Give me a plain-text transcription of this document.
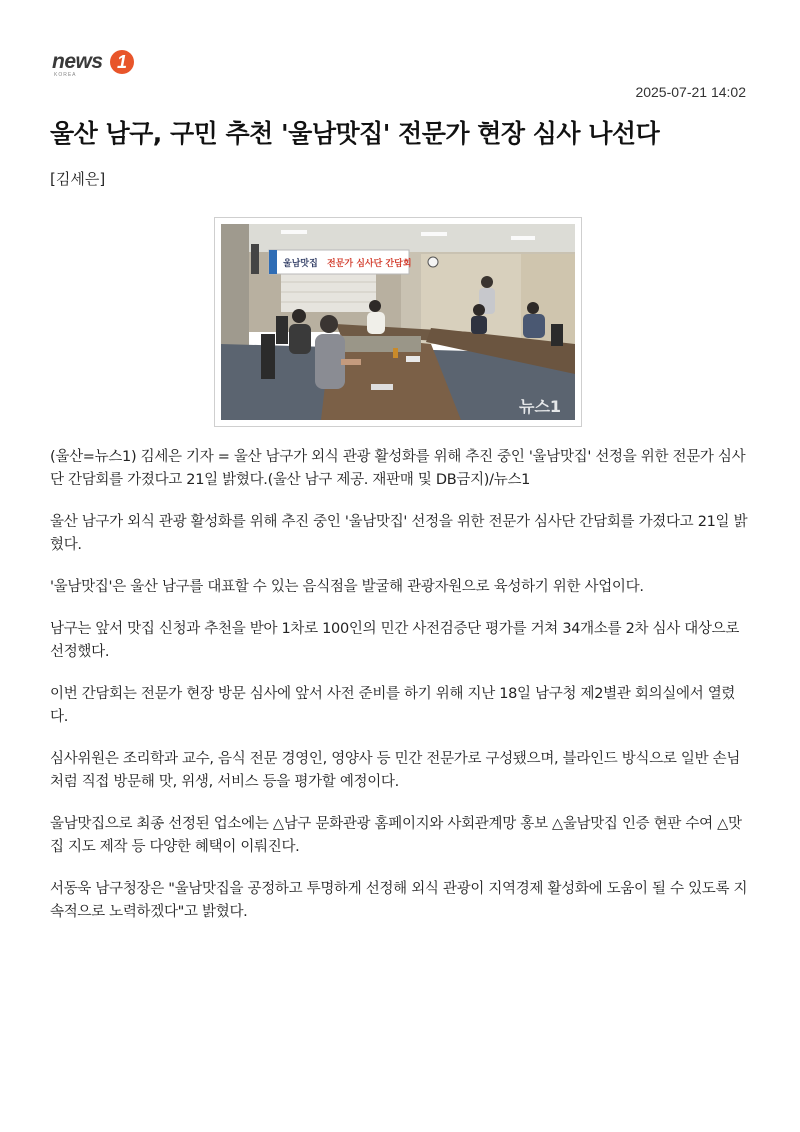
news 1
KOREA
2025-07-21 14:02
울산 남구, 구민 추천 '울남맛집' 전문가 현장 심사 나선다
[김세은]
울남맛집 전문가 심사단 간담회
뉴스1

(울산=뉴스1) 김세은 기자 = 울산 남구가 외식 관광 활성화를 위해 추진 중인 '울남맛집' 선정을 위한 전문가 심사단 간담회를 가졌다고 21일 밝혔다.(울산 남구 제공. 재판매 및 DB금지)/뉴스1

울산 남구가 외식 관광 활성화를 위해 추진 중인 '울남맛집' 선정을 위한 전문가 심사단 간담회를 가졌다고 21일 밝혔다.

'울남맛집'은 울산 남구를 대표할 수 있는 음식점을 발굴해 관광자원으로 육성하기 위한 사업이다.

남구는 앞서 맛집 신청과 추천을 받아 1차로 100인의 민간 사전검증단 평가를 거쳐 34개소를 2차 심사 대상으로 선정했다.

이번 간담회는 전문가 현장 방문 심사에 앞서 사전 준비를 하기 위해 지난 18일 남구청 제2별관 회의실에서 열렸다.

심사위원은 조리학과 교수, 음식 전문 경영인, 영양사 등 민간 전문가로 구성됐으며, 블라인드 방식으로 일반 손님처럼 직접 방문해 맛, 위생, 서비스 등을 평가할 예정이다.

울남맛집으로 최종 선정된 업소에는 △남구 문화관광 홈페이지와 사회관계망 홍보 △울남맛집 인증 현판 수여 △맛집 지도 제작 등 다양한 혜택이 이뤄진다.

서동욱 남구청장은 "울남맛집을 공정하고 투명하게 선정해 외식 관광이 지역경제 활성화에 도움이 될 수 있도록 지속적으로 노력하겠다"고 밝혔다.
